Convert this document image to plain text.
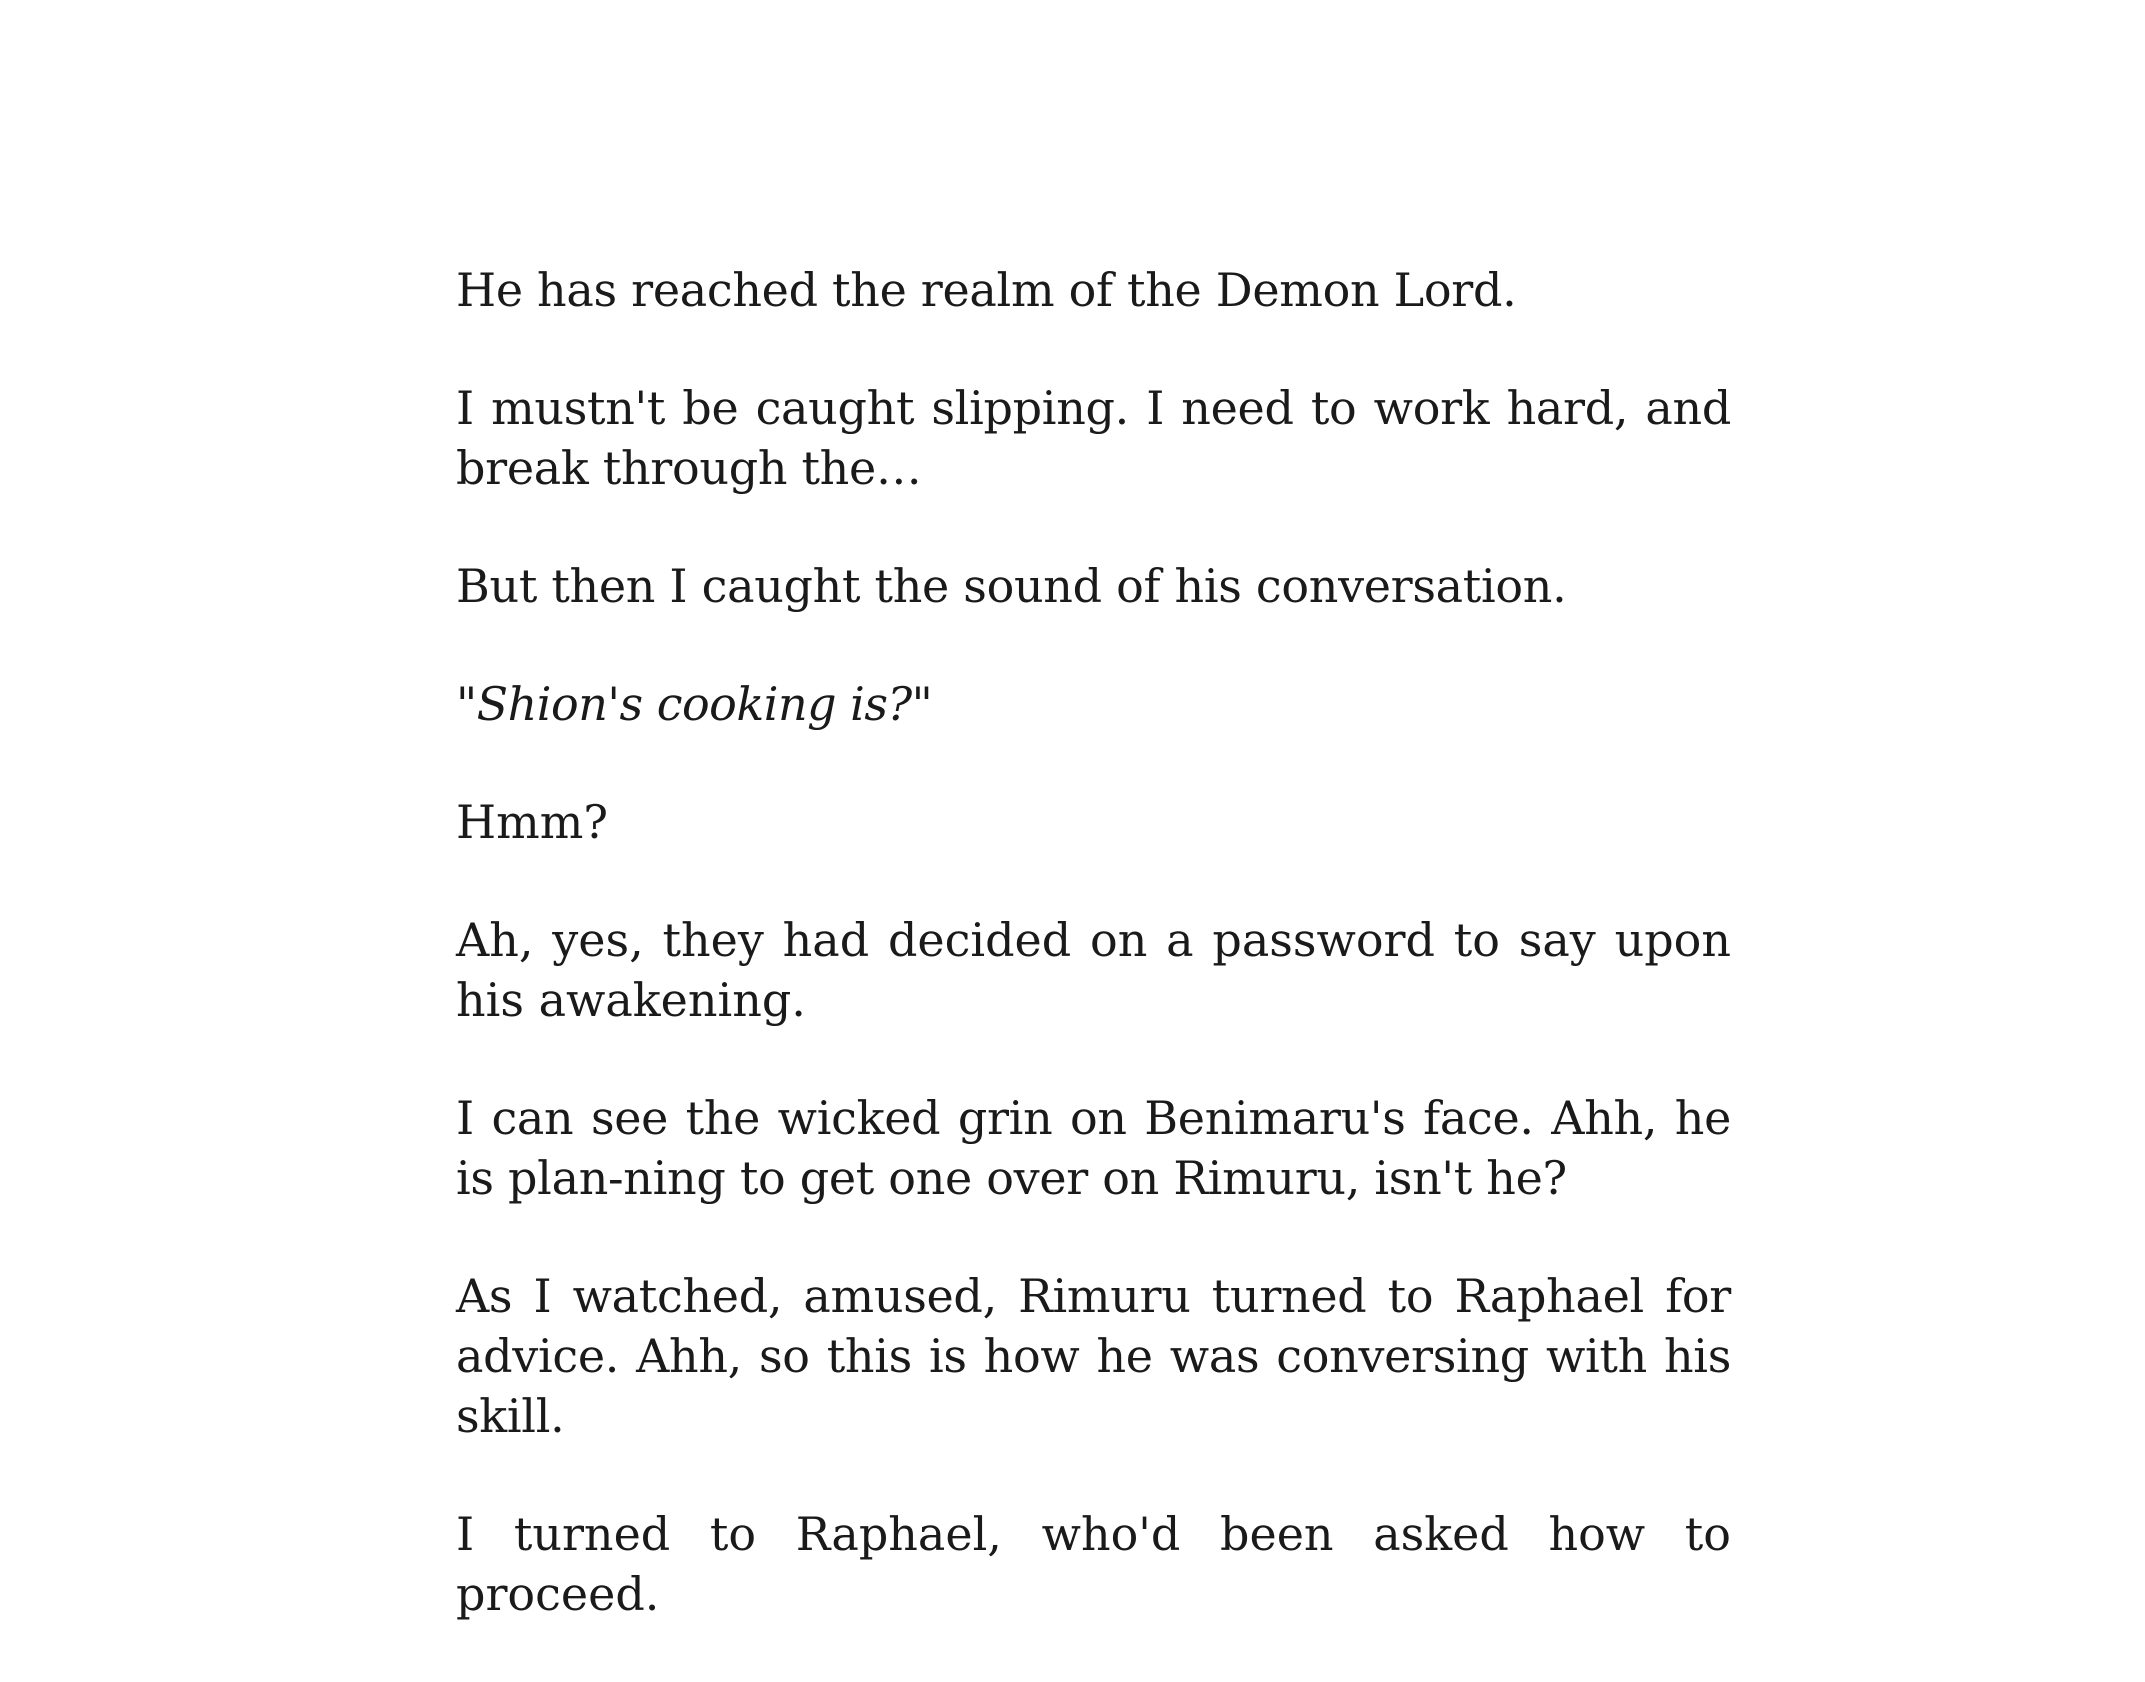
He has reached the realm of the Demon Lord.

I mustn't be caught slipping. I need to work hard, and break through the…

But then I caught the sound of his conversation.

"Shion's cooking is?"

Hmm?

Ah, yes, they had decided on a password to say upon his awakening.

I can see the wicked grin on Benimaru's face. Ahh, he is plan-ning to get one over on Rimuru, isn't he?

As I watched, amused, Rimuru turned to Raphael for advice. Ahh, so this is how he was conversing with his skill.

I turned to Raphael, who'd been asked how to proceed.
